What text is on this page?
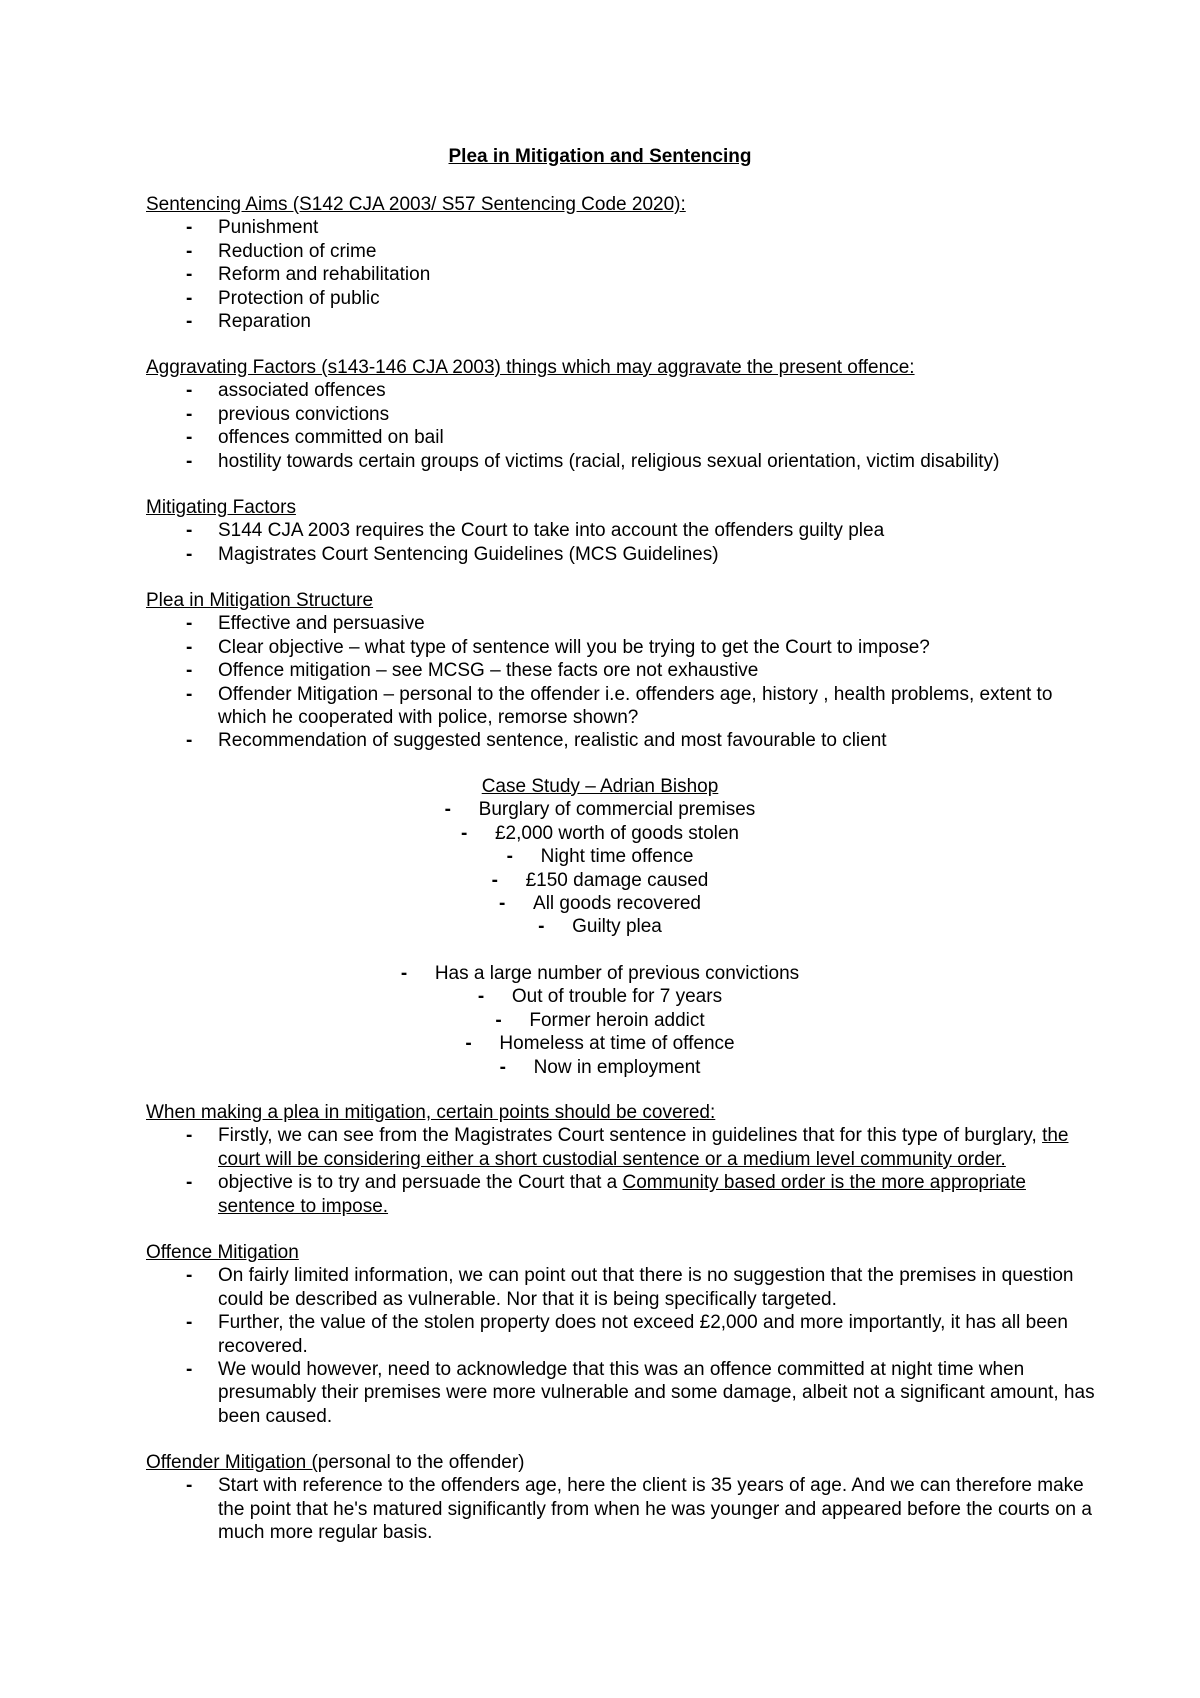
Plea in Mitigation and Sentencing
Sentencing Aims (S142 CJA 2003/ S57 Sentencing Code 2020):
- Punishment
- Reduction of crime
- Reform and rehabilitation
- Protection of public
- Reparation
Aggravating Factors (s143-146 CJA 2003) things which may aggravate the present offence:
- associated offences
- previous convictions
- offences committed on bail
- hostility towards certain groups of victims (racial, religious sexual orientation, victim disability)
Mitigating Factors
- S144 CJA 2003 requires the Court to take into account the offenders guilty plea
- Magistrates Court Sentencing Guidelines (MCS Guidelines)
Plea in Mitigation Structure
- Effective and persuasive
- Clear objective – what type of sentence will you be trying to get the Court to impose?
- Offence mitigation – see MCSG – these facts ore not exhaustive
- Offender Mitigation – personal to the offender i.e. offenders age, history , health problems, extent to which he cooperated with police, remorse shown?
- Recommendation of suggested sentence, realistic and most favourable to client
Case Study – Adrian Bishop
- Burglary of commercial premises
- £2,000 worth of goods stolen
- Night time offence
- £150 damage caused
- All goods recovered
- Guilty plea
- Has a large number of previous convictions
- Out of trouble for 7 years
- Former heroin addict
- Homeless at time of offence
- Now in employment
When making a plea in mitigation, certain points should be covered:
- Firstly, we can see from the Magistrates Court sentence in guidelines that for this type of burglary, the court will be considering either a short custodial sentence or a medium level community order.
- objective is to try and persuade the Court that a Community based order is the more appropriate sentence to impose.
Offence Mitigation
- On fairly limited information, we can point out that there is no suggestion that the premises in question could be described as vulnerable. Nor that it is being specifically targeted.
- Further, the value of the stolen property does not exceed £2,000 and more importantly, it has all been recovered.
- We would however, need to acknowledge that this was an offence committed at night time when presumably their premises were more vulnerable and some damage, albeit not a significant amount, has been caused.
Offender Mitigation (personal to the offender)
- Start with reference to the offenders age, here the client is 35 years of age. And we can therefore make the point that he's matured significantly from when he was younger and appeared before the courts on a much more regular basis.
